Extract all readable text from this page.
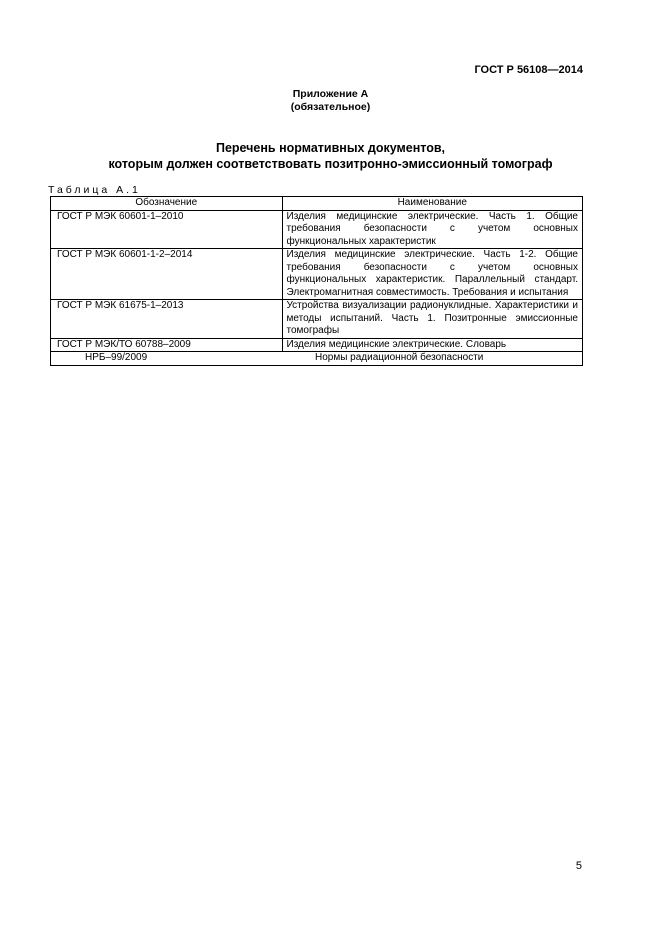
ГОСТ Р 56108—2014
Приложение А
(обязательное)
Перечень нормативных документов,
которым должен соответствовать позитронно-эмиссионный томограф
Таблица А.1
Обозначение	Наименование
ГОСТ Р МЭК 60601-1–2010	Изделия медицинские электрические. Часть 1. Общие требования безопасности с учетом основных функциональных характеристик
ГОСТ Р МЭК 60601-1-2–2014	Изделия медицинские электрические. Часть 1-2. Общие требования безопасности с учетом основных функциональных характеристик. Параллельный стандарт. Электромагнитная совместимость. Требования и испытания
ГОСТ Р МЭК 61675-1–2013	Устройства визуализации радионуклидные. Характеристики и методы испытаний. Часть 1. Позитронные эмиссионные томографы
ГОСТ Р МЭК/ТО 60788–2009	Изделия медицинские электрические. Словарь
НРБ–99/2009	Нормы радиационной безопасности
5
